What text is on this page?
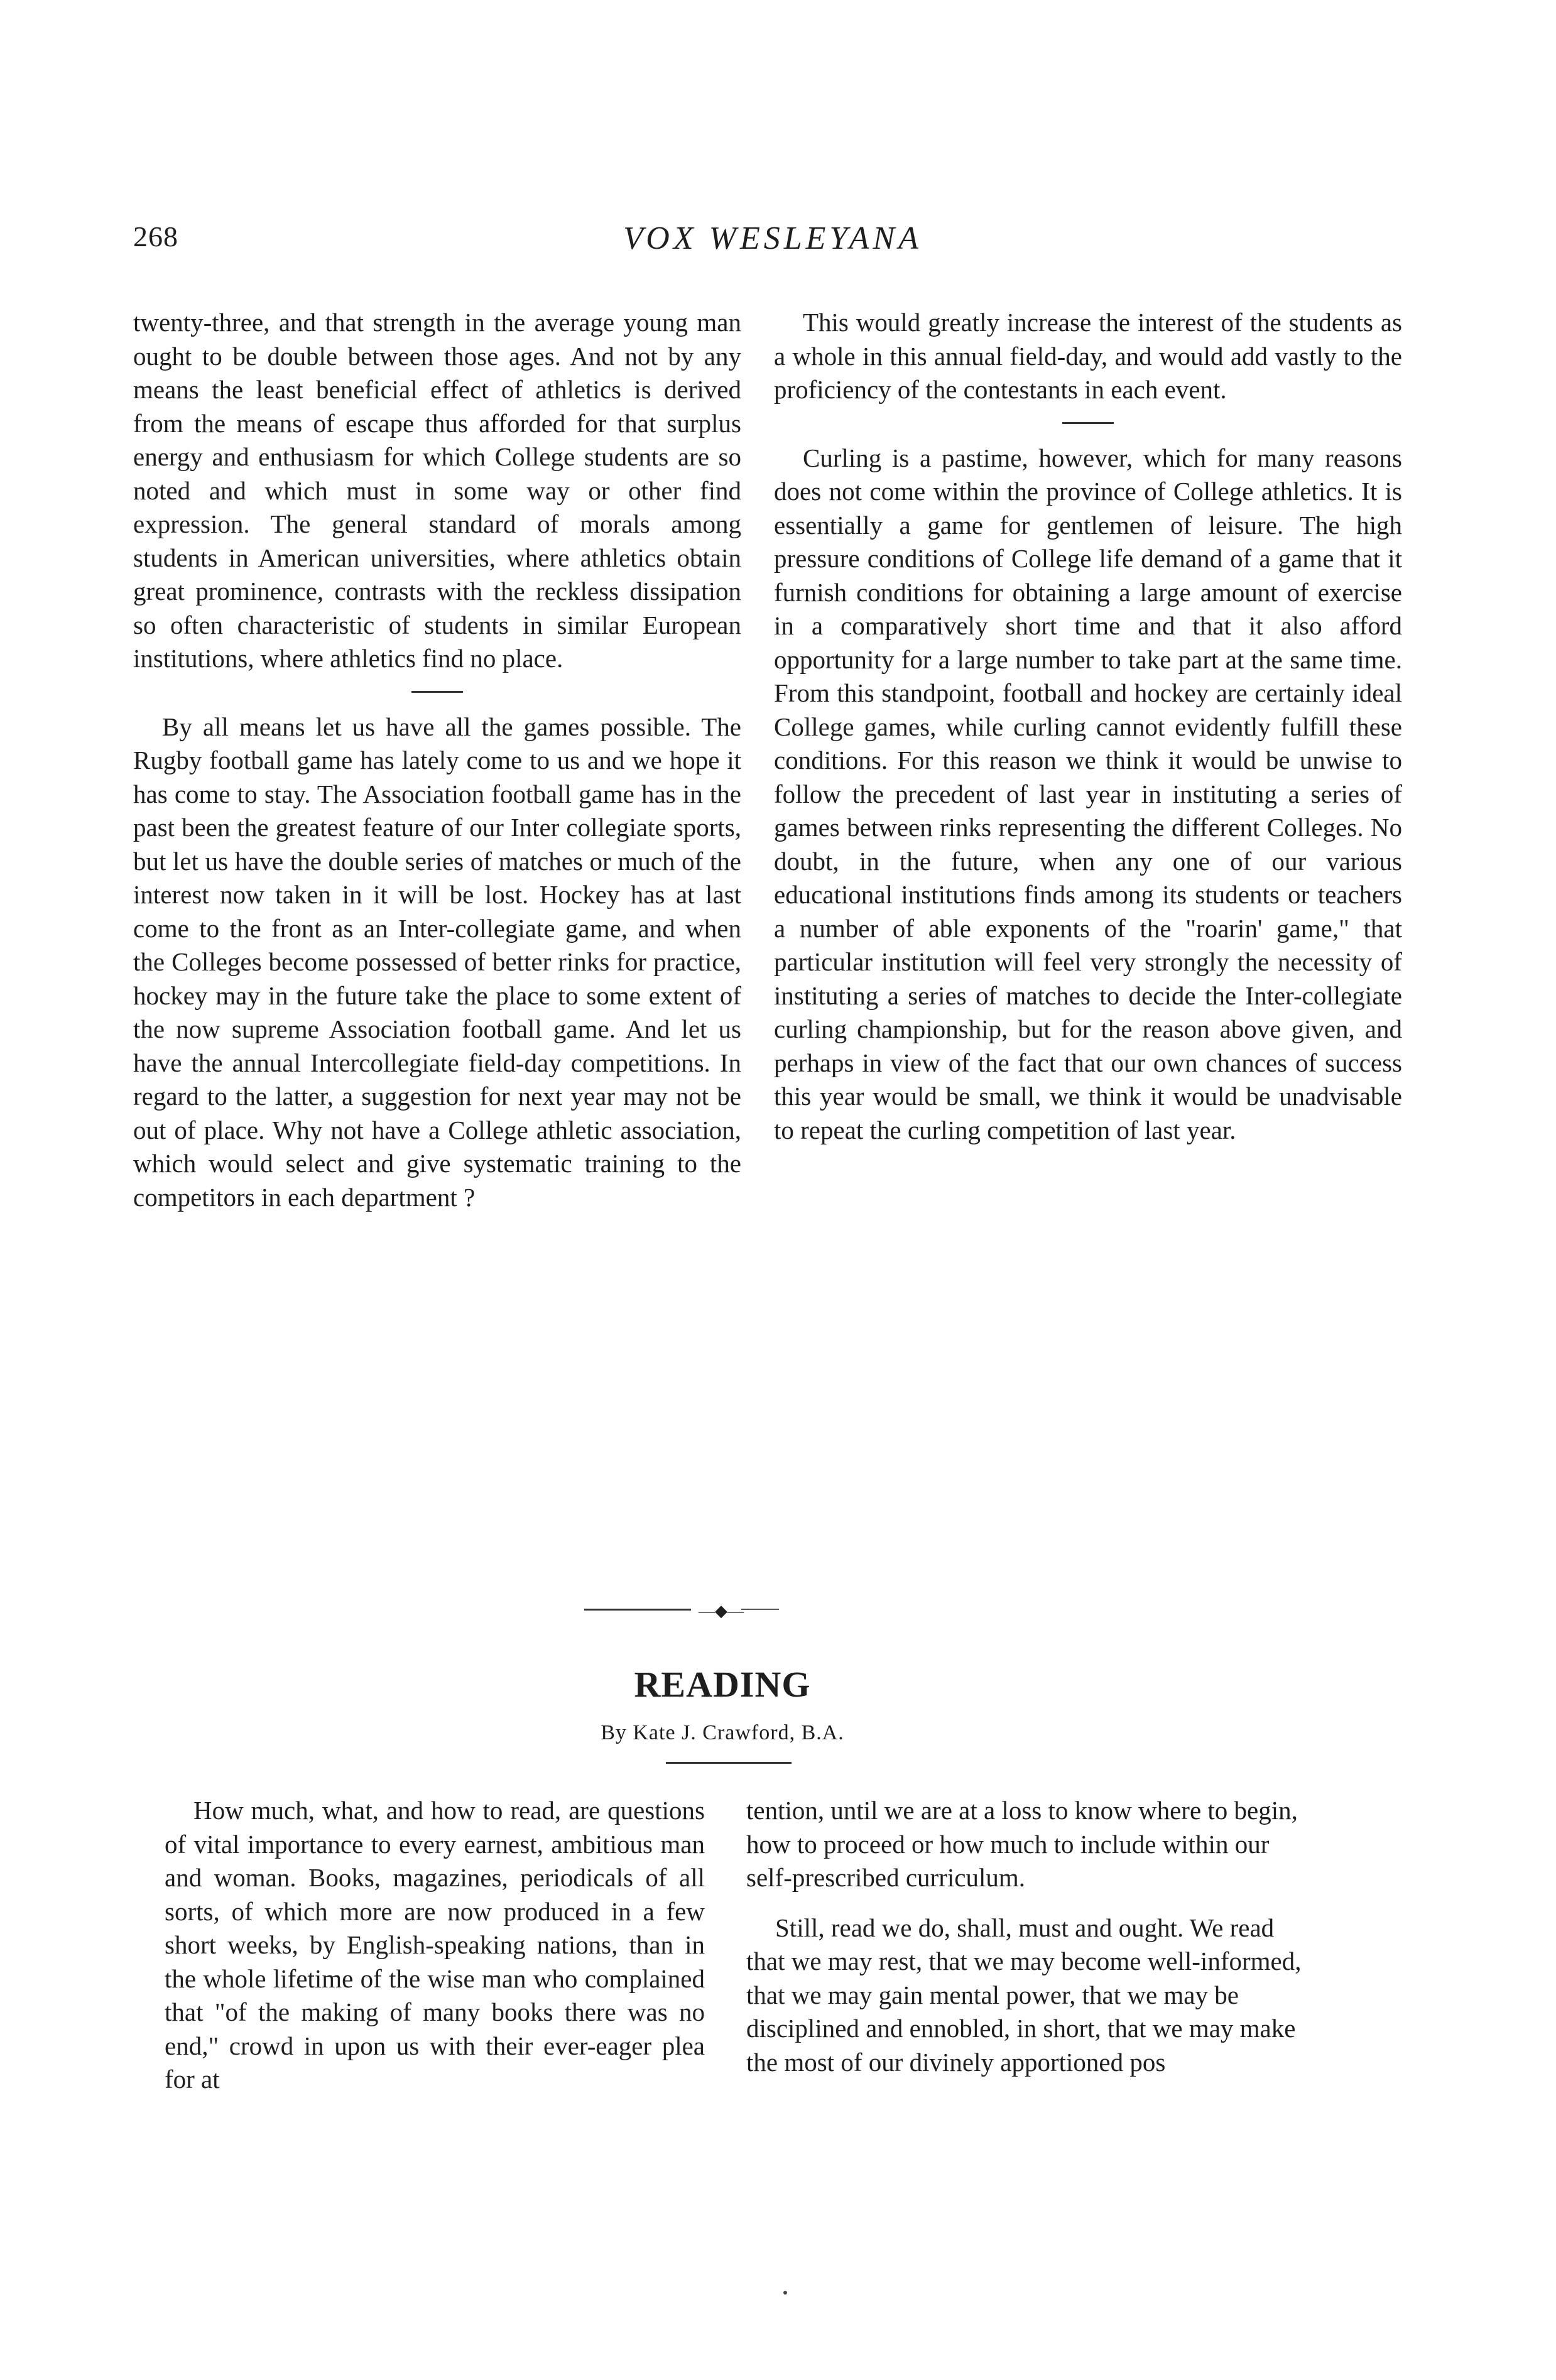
268	VOX WESLEYANA

twenty-three, and that strength in the average young man ought to be double between those ages. And not by any means the least beneficial effect of athletics is derived from the means of escape thus afforded for that surplus energy and enthusiasm for which College students are so noted and which must in some way or other find expression. The general standard of morals among students in American universities, where athletics obtain great prominence, contrasts with the reckless dissipation so often characteristic of students in similar European institutions, where athletics find no place.

By all means let us have all the games possible. The Rugby football game has lately come to us and we hope it has come to stay. The Association football game has in the past been the greatest feature of our Inter collegiate sports, but let us have the double series of matches or much of the interest now taken in it will be lost. Hockey has at last come to the front as an Inter-collegiate game, and when the Colleges become possessed of better rinks for practice, hockey may in the future take the place to some extent of the now supreme Association football game. And let us have the annual Intercollegiate field-day competitions. In regard to the latter, a suggestion for next year may not be out of place. Why not have a College athletic association, which would select and give systematic training to the competitors in each department ?

This would greatly increase the interest of the students as a whole in this annual field-day, and would add vastly to the proficiency of the contestants in each event.

Curling is a pastime, however, which for many reasons does not come within the province of College athletics. It is essentially a game for gentlemen of leisure. The high pressure conditions of College life demand of a game that it furnish conditions for obtaining a large amount of exercise in a comparatively short time and that it also afford opportunity for a large number to take part at the same time. From this standpoint, football and hockey are certainly ideal College games, while curling cannot evidently fulfill these conditions. For this reason we think it would be unwise to follow the precedent of last year in instituting a series of games between rinks representing the different Colleges. No doubt, in the future, when any one of our various educational institutions finds among its students or teachers a number of able exponents of the "roarin' game," that particular institution will feel very strongly the necessity of instituting a series of matches to decide the Inter-collegiate curling championship, but for the reason above given, and perhaps in view of the fact that our own chances of success this year would be small, we think it would be unadvisable to repeat the curling competition of last year.

—◆—
READING
By Kate J. Crawford, B.A.

How much, what, and how to read, are questions of vital importance to every earnest, ambitious man and woman. Books, magazines, periodicals of all sorts, of which more are now produced in a few short weeks, by English-speaking nations, than in the whole lifetime of the wise man who complained that "of the making of many books there was no end," crowd in upon us with their ever-eager plea for at

tention, until we are at a loss to know where to begin, how to proceed or how much to include within our self-prescribed curriculum.

Still, read we do, shall, must and ought. We read that we may rest, that we may become well-informed, that we may gain mental power, that we may be disciplined and ennobled, in short, that we may make the most of our divinely apportioned pos
